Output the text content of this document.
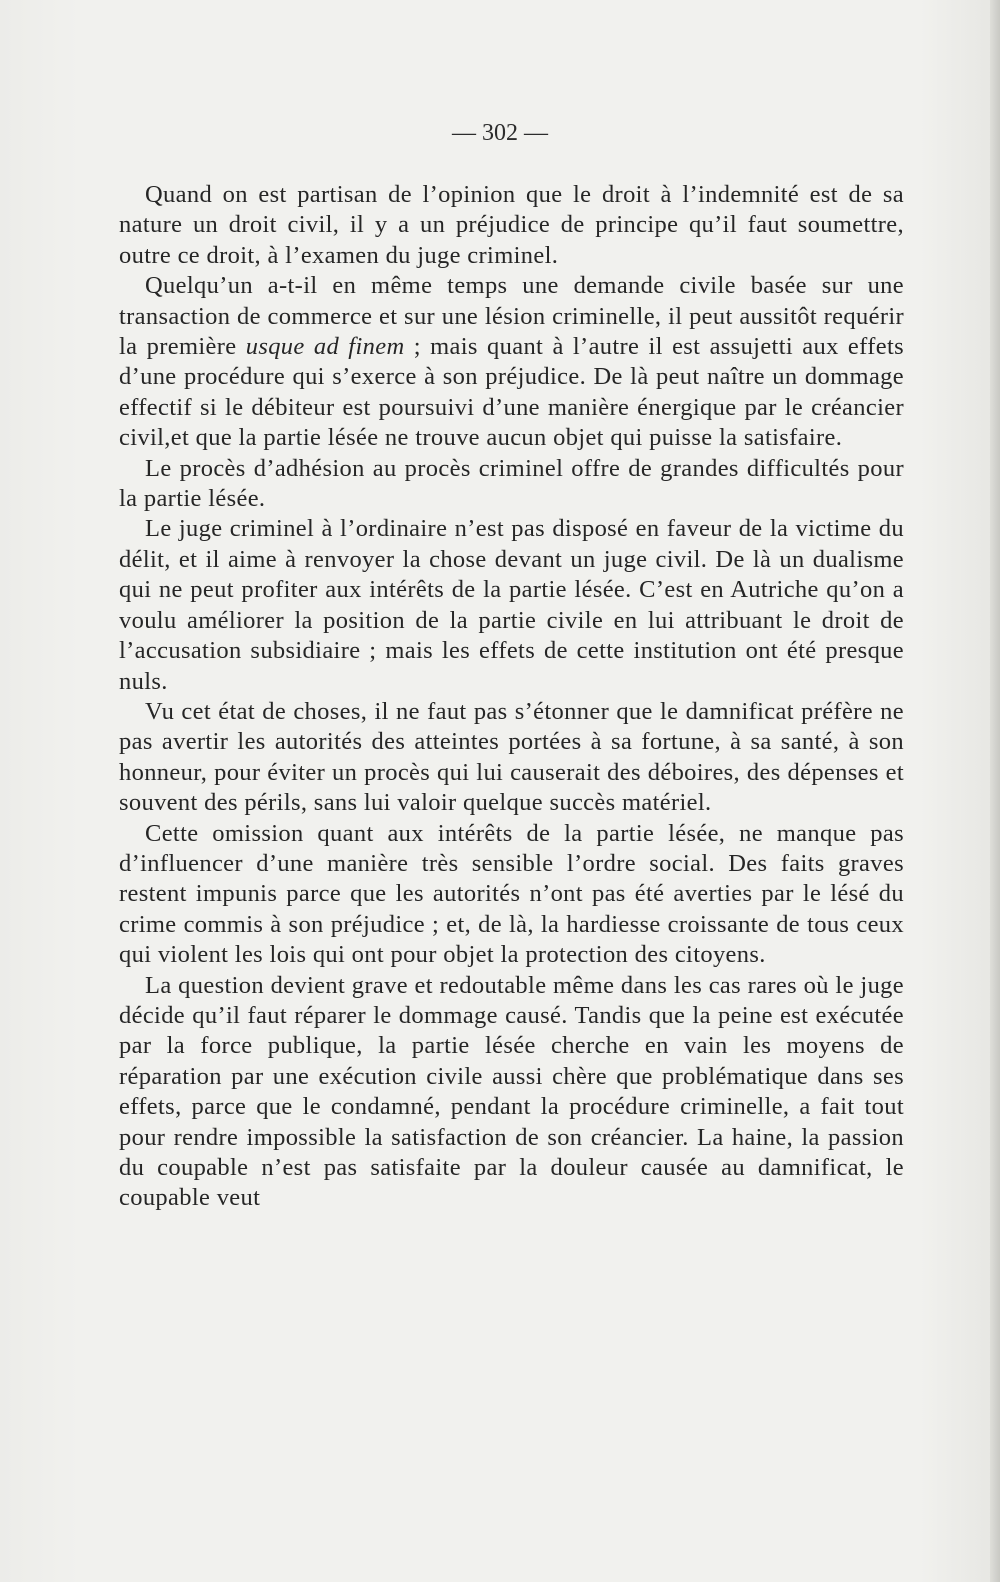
— 302 —

Quand on est partisan de l’opinion que le droit à l’indemnité est de sa nature un droit civil, il y a un préjudice de principe qu’il faut soumettre, outre ce droit, à l’examen du juge criminel.

Quelqu’un a-t-il en même temps une demande civile basée sur une transaction de commerce et sur une lésion criminelle, il peut aussitôt requérir la première usque ad finem ; mais quant à l’autre il est assujetti aux effets d’une procédure qui s’exerce à son préjudice. De là peut naître un dommage effectif si le débiteur est poursuivi d’une manière énergique par le créancier civil,et que la partie lésée ne trouve aucun objet qui puisse la satisfaire.

Le procès d’adhésion au procès criminel offre de grandes difficultés pour la partie lésée.

Le juge criminel à l’ordinaire n’est pas disposé en faveur de la victime du délit, et il aime à renvoyer la chose devant un juge civil. De là un dualisme qui ne peut profiter aux intérêts de la partie lésée. C’est en Autriche qu’on a voulu améliorer la position de la partie civile en lui attribuant le droit de l’accusation subsidiaire ; mais les effets de cette institution ont été presque nuls.

Vu cet état de choses, il ne faut pas s’étonner que le damnificat préfère ne pas avertir les autorités des atteintes portées à sa fortune, à sa santé, à son honneur, pour éviter un procès qui lui causerait des déboires, des dépenses et souvent des périls, sans lui valoir quelque succès matériel.

Cette omission quant aux intérêts de la partie lésée, ne manque pas d’influencer d’une manière très sensible l’ordre social. Des faits graves restent impunis parce que les autorités n’ont pas été averties par le lésé du crime commis à son préjudice ; et, de là, la hardiesse croissante de tous ceux qui violent les lois qui ont pour objet la protection des citoyens.

La question devient grave et redoutable même dans les cas rares où le juge décide qu’il faut réparer le dommage causé. Tandis que la peine est exécutée par la force publique, la partie lésée cherche en vain les moyens de réparation par une exécution civile aussi chère que problématique dans ses effets, parce que le condamné, pendant la procédure criminelle, a fait tout pour rendre impossible la satisfaction de son créancier. La haine, la passion du coupable n’est pas satisfaite par la douleur causée au damnificat, le coupable veut
